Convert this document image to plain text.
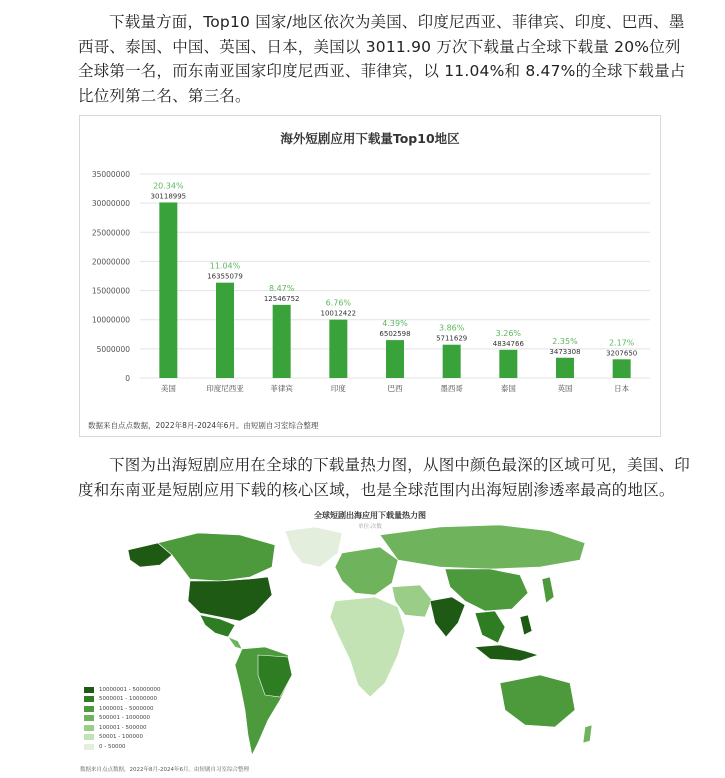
下载量方面，Top10 国家/地区依次为美国、印度尼西亚、菲律宾、印度、巴西、墨西哥、泰国、中国、英国、日本，美国以 3011.90 万次下载量占全球下载量 20%位列全球第一名，而东南亚国家印度尼西亚、菲律宾，以 11.04%和 8.47%的全球下载量占比位列第二名、第三名。

海外短剧应用下载量Top10地区
0
5000000
10000000
15000000
20000000
25000000
30000000
35000000
30118995
20.34%
美国
16355079
11.04%
印度尼西亚
12546752
8.47%
菲律宾
10012422
6.76%
印度
6502598
4.39%
巴西
5711629
3.86%
墨西哥
4834766
3.26%
泰国
3473308
2.35%
英国
3207650
2.17%
日本
数据来自点点数据，2022年8月-2024年6月。由短剧自习室综合整理

下图为出海短剧应用在全球的下载量热力图，从图中颜色最深的区域可见，美国、印度和东南亚是短剧应用下载的核心区域，也是全球范围内出海短剧渗透率最高的地区。

全球短剧出海应用下载量热力图
单位:次数
10000001 - 50000000
5000001 - 10000000
1000001 - 5000000
500001 - 1000000
100001 - 500000
50001 - 100000
0 - 50000
数据来自点点数据，2022年8月-2024年6月。由短剧自习室综合整理
